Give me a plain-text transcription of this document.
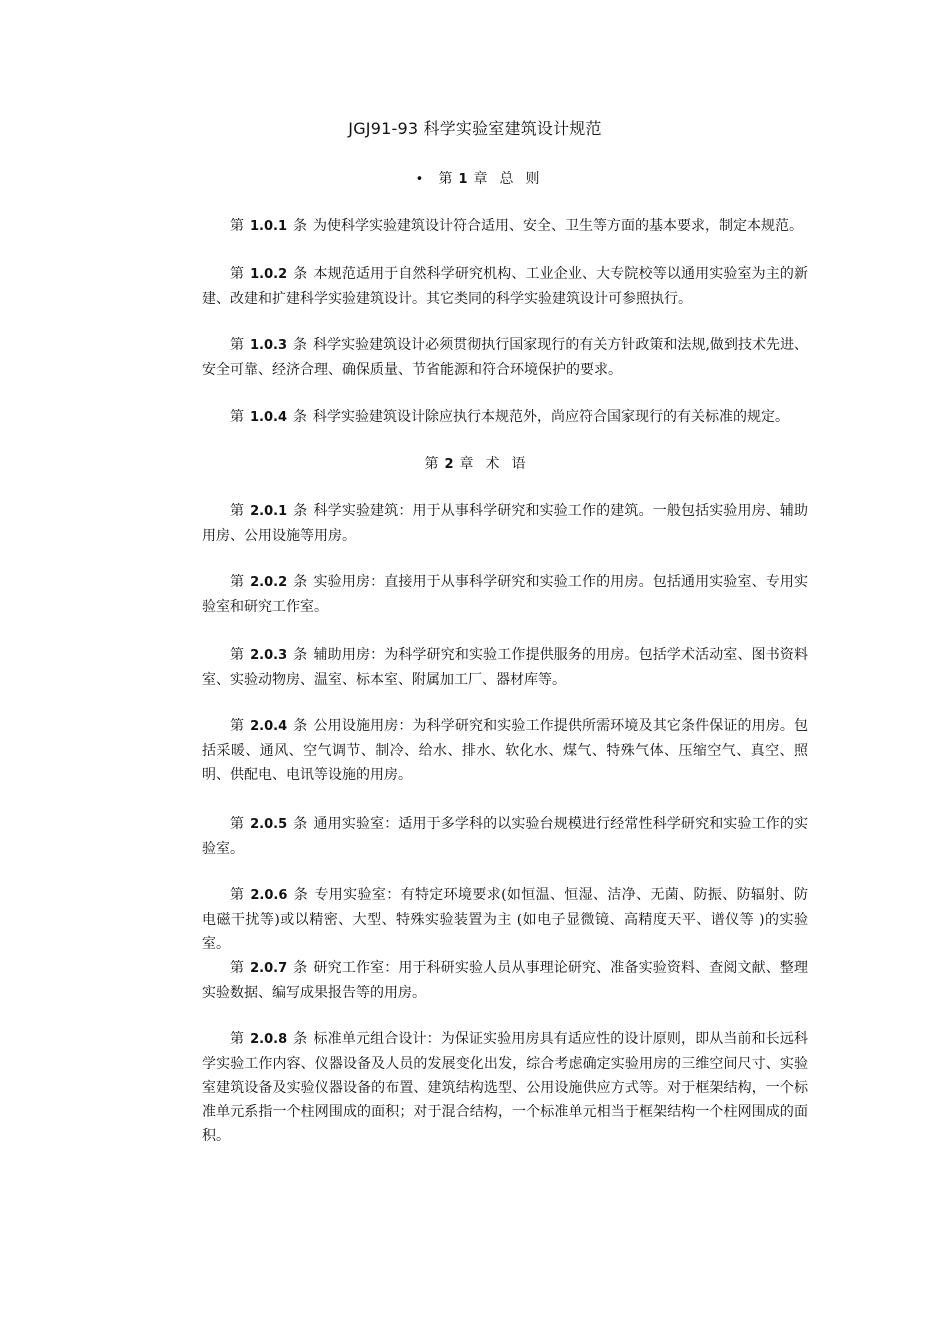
JGJ91-93 科学实验室建筑设计规范
• 第 1 章 总 则
第 1.0.1 条 为使科学实验建筑设计符合适用、安全、卫生等方面的基本要求，制定本规范。
第 1.0.2 条 本规范适用于自然科学研究机构、工业企业、大专院校等以通用实验室为主的新建、改建和扩建科学实验建筑设计。其它类同的科学实验建筑设计可参照执行。
第 1.0.3 条 科学实验建筑设计必须贯彻执行国家现行的有关方针政策和法规,做到技术先进、安全可靠、经济合理、确保质量、节省能源和符合环境保护的要求。
第 1.0.4 条 科学实验建筑设计除应执行本规范外，尚应符合国家现行的有关标准的规定。
第 2 章 术 语
第 2.0.1 条 科学实验建筑：用于从事科学研究和实验工作的建筑。一般包括实验用房、辅助用房、公用设施等用房。
第 2.0.2 条 实验用房：直接用于从事科学研究和实验工作的用房。包括通用实验室、专用实验室和研究工作室。
第 2.0.3 条 辅助用房：为科学研究和实验工作提供服务的用房。包括学术活动室、图书资料室、实验动物房、温室、标本室、附属加工厂、器材库等。
第 2.0.4 条 公用设施用房：为科学研究和实验工作提供所需环境及其它条件保证的用房。包括采暖、通风、空气调节、制冷、给水、排水、软化水、煤气、特殊气体、压缩空气、真空、照明、供配电、电讯等设施的用房。
第 2.0.5 条 通用实验室：适用于多学科的以实验台规模进行经常性科学研究和实验工作的实验室。
第 2.0.6 条 专用实验室：有特定环境要求(如恒温、恒湿、洁净、无菌、防振、防辐射、防电磁干扰等)或以精密、大型、特殊实验装置为主 (如电子显微镜、高精度天平、谱仪等 )的实验室。
第 2.0.7 条 研究工作室：用于科研实验人员从事理论研究、准备实验资料、查阅文献、整理实验数据、编写成果报告等的用房。
第 2.0.8 条 标准单元组合设计：为保证实验用房具有适应性的设计原则，即从当前和长远科学实验工作内容、仪器设备及人员的发展变化出发，综合考虑确定实验用房的三维空间尺寸、实验室建筑设备及实验仪器设备的布置、建筑结构选型、公用设施供应方式等。对于框架结构，一个标准单元系指一个柱网围成的面积；对于混合结构，一个标准单元相当于框架结构一个柱网围成的面积。
